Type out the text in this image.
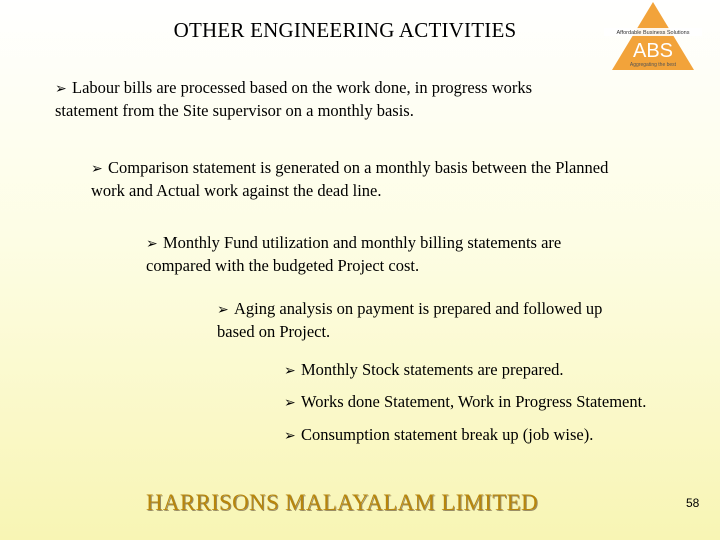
OTHER ENGINEERING ACTIVITIES	Affordable Business Solutions
ABS
Aggregating the best
➢ Labour bills are processed based on the work done, in progress works statement from the Site supervisor on a monthly basis.
➢ Comparison statement is generated on a monthly basis between the Planned work and Actual work against the dead line.
➢ Monthly Fund utilization and monthly billing statements are compared with the budgeted Project cost.
➢ Aging analysis on payment is prepared and followed up based on Project.
➢ Monthly Stock statements are prepared.
➢ Works done Statement, Work in Progress Statement.
➢ Consumption statement break up (job wise).
HARRISONS MALAYALAM LIMITED	58
